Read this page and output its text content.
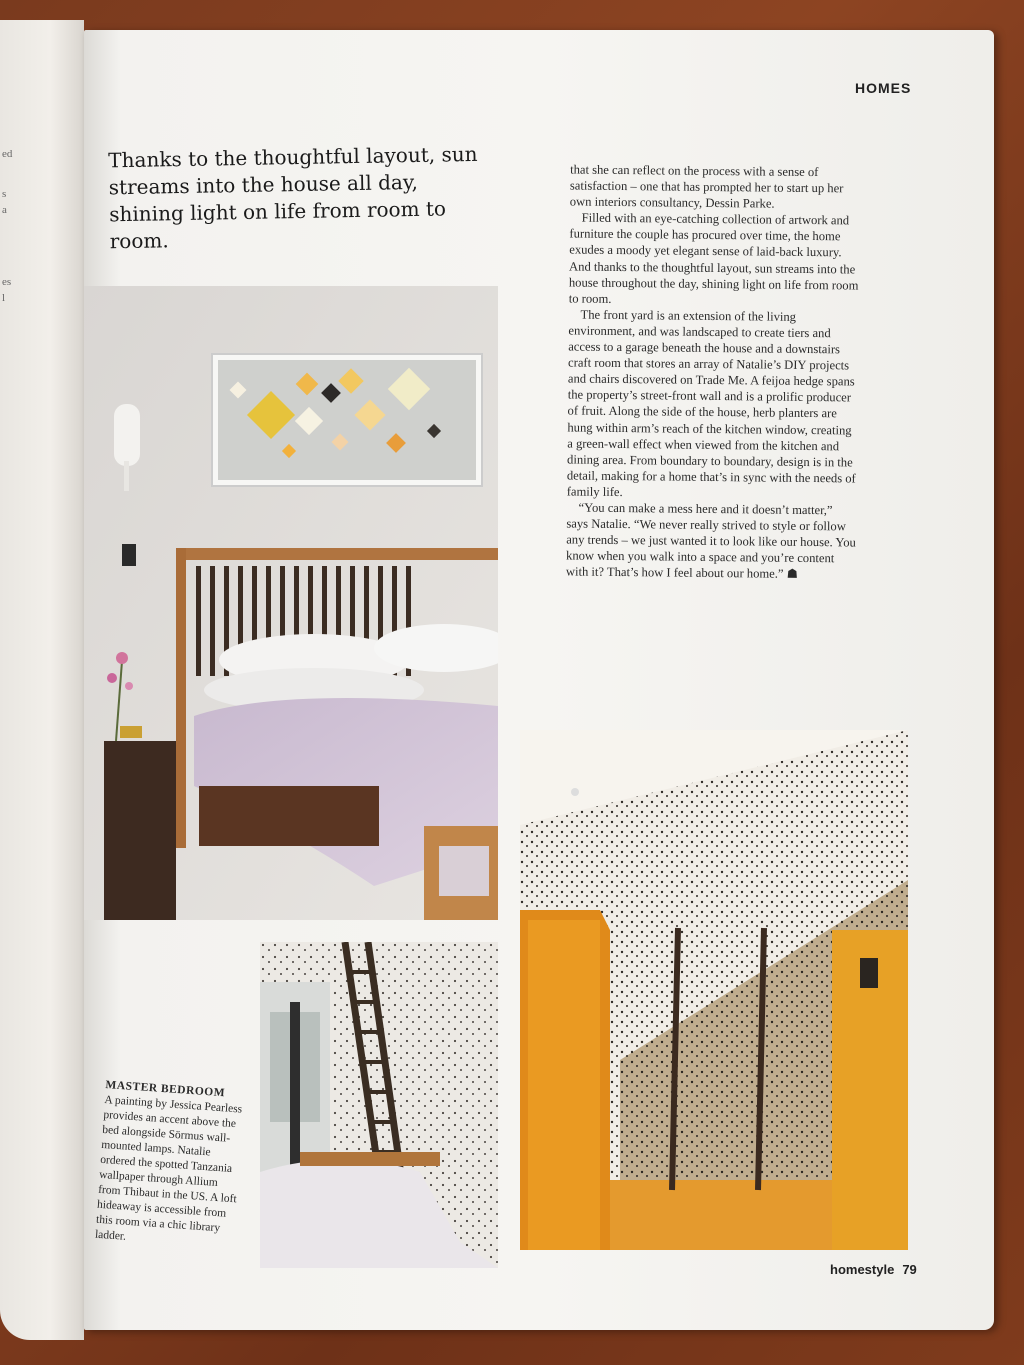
ed
s
a
es
l
HOMES
Thanks to the thoughtful layout, sun streams into the house all day, shining light on life from room to room.

that she can reflect on the process with a sense of satisfaction – one that has prompted her to start up her own interiors consultancy, Dessin Parke.

Filled with an eye-catching collection of artwork and furniture the couple has procured over time, the home exudes a moody yet elegant sense of laid-back luxury. And thanks to the thoughtful layout, sun streams into the house throughout the day, shining light on life from room to room.

The front yard is an extension of the living environment, and was landscaped to create tiers and access to a garage beneath the house and a downstairs craft room that stores an array of Natalie’s DIY projects and chairs discovered on Trade Me. A feijoa hedge spans the property’s street-front wall and is a prolific producer of fruit. Along the side of the house, herb planters are hung within arm’s reach of the kitchen window, creating a green-wall effect when viewed from the kitchen and dining area. From boundary to boundary, design is in the detail, making for a home that’s in sync with the needs of family life.

“You can make a mess here and it doesn’t matter,” says Natalie. “We never really strived to style or follow any trends – we just wanted it to look like our house. You know when you walk into a space and you’re content with it? That’s how I feel about our home.” ☗

MASTER BEDROOM
A painting by Jessica Pearless provides an accent above the bed alongside Sörmus wall-mounted lamps. Natalie ordered the spotted Tanzania wallpaper through Allium from Thibaut in the US. A loft hideaway is accessible from this room via a chic library ladder.
homestyle 79
